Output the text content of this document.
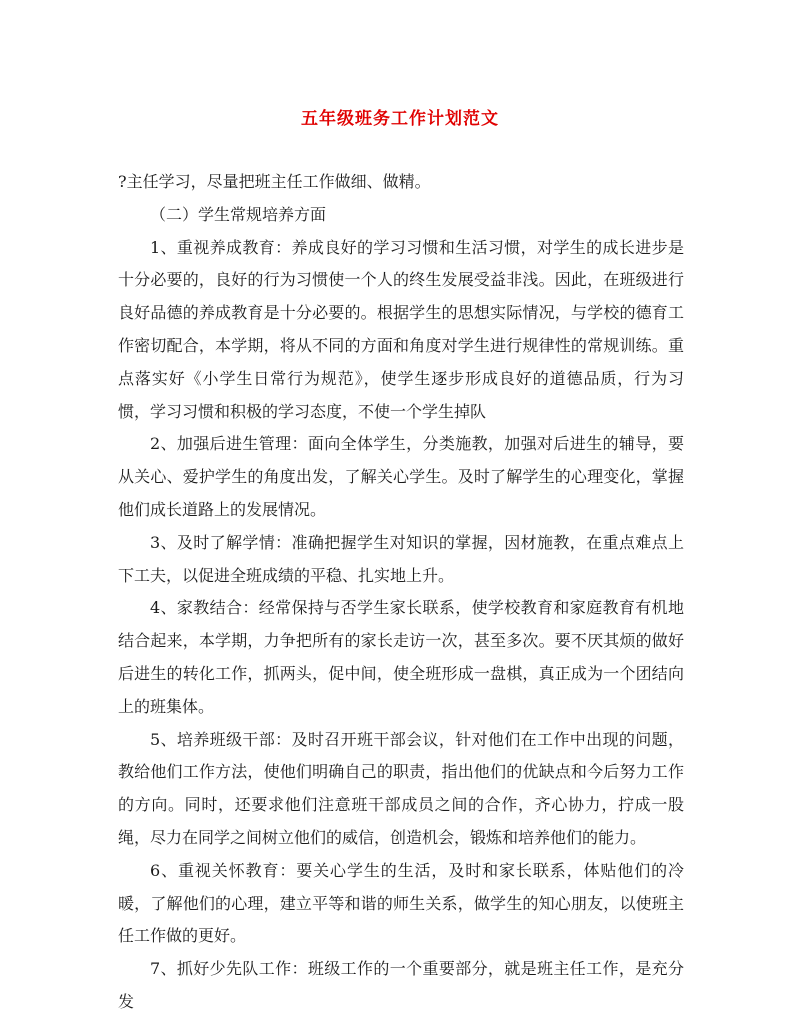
五年级班务工作计划范文

?主任学习，尽量把班主任工作做细、做精。

（二）学生常规培养方面

1、重视养成教育：养成良好的学习习惯和生活习惯，对学生的成长进步是十分必要的，良好的行为习惯使一个人的终生发展受益非浅。因此，在班级进行良好品德的养成教育是十分必要的。根据学生的思想实际情况，与学校的德育工作密切配合，本学期，将从不同的方面和角度对学生进行规律性的常规训练。重点落实好《小学生日常行为规范》，使学生逐步形成良好的道德品质，行为习惯，学习习惯和积极的学习态度，不使一个学生掉队

2、加强后进生管理：面向全体学生，分类施教，加强对后进生的辅导，要从关心、爱护学生的角度出发，了解关心学生。及时了解学生的心理变化，掌握他们成长道路上的发展情况。

3、及时了解学情：准确把握学生对知识的掌握，因材施教，在重点难点上下工夫，以促进全班成绩的平稳、扎实地上升。

4、家教结合：经常保持与否学生家长联系，使学校教育和家庭教育有机地结合起来，本学期，力争把所有的家长走访一次，甚至多次。要不厌其烦的做好后进生的转化工作，抓两头，促中间，使全班形成一盘棋，真正成为一个团结向上的班集体。

5、培养班级干部：及时召开班干部会议，针对他们在工作中出现的问题，教给他们工作方法，使他们明确自己的职责，指出他们的优缺点和今后努力工作的方向。同时，还要求他们注意班干部成员之间的合作，齐心协力，拧成一股绳，尽力在同学之间树立他们的威信，创造机会，锻炼和培养他们的能力。

6、重视关怀教育：要关心学生的生活，及时和家长联系，体贴他们的冷暖，了解他们的心理，建立平等和谐的师生关系，做学生的知心朋友，以使班主任工作做的更好。

7、抓好少先队工作：班级工作的一个重要部分，就是班主任工作，是充分发
